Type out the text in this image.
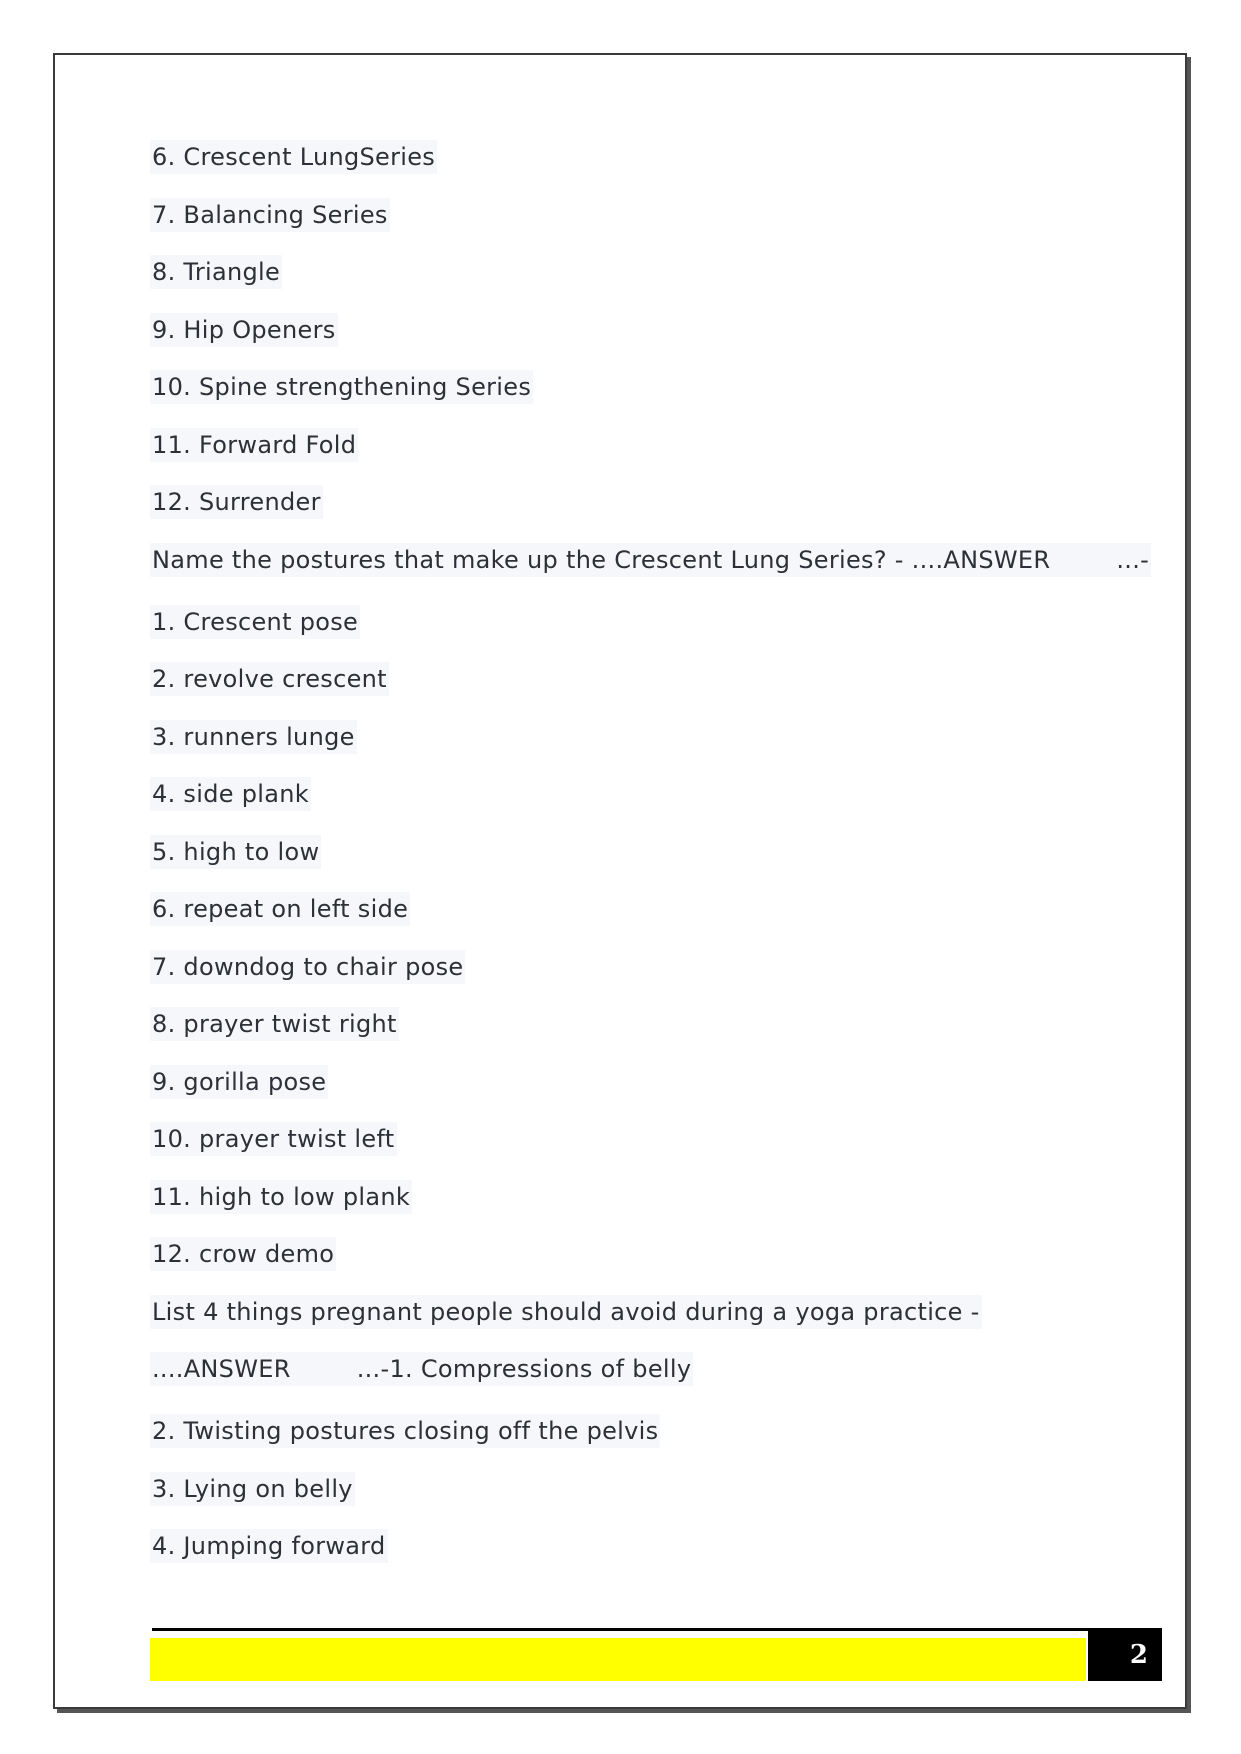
6. Crescent LungSeries
7. Balancing Series
8. Triangle
9. Hip Openers
10. Spine strengthening Series
11. Forward Fold
12. Surrender
Name the postures that make up the Crescent Lung Series? - ....ANSWER	...-
1. Crescent pose
2. revolve crescent
3. runners lunge
4. side plank
5. high to low
6. repeat on left side
7. downdog to chair pose
8. prayer twist right
9. gorilla pose
10. prayer twist left
11. high to low plank
12. crow demo
List 4 things pregnant people should avoid during a yoga practice -
....ANSWER	...-1. Compressions of belly
2. Twisting postures closing off the pelvis
3. Lying on belly
4. Jumping forward
2
